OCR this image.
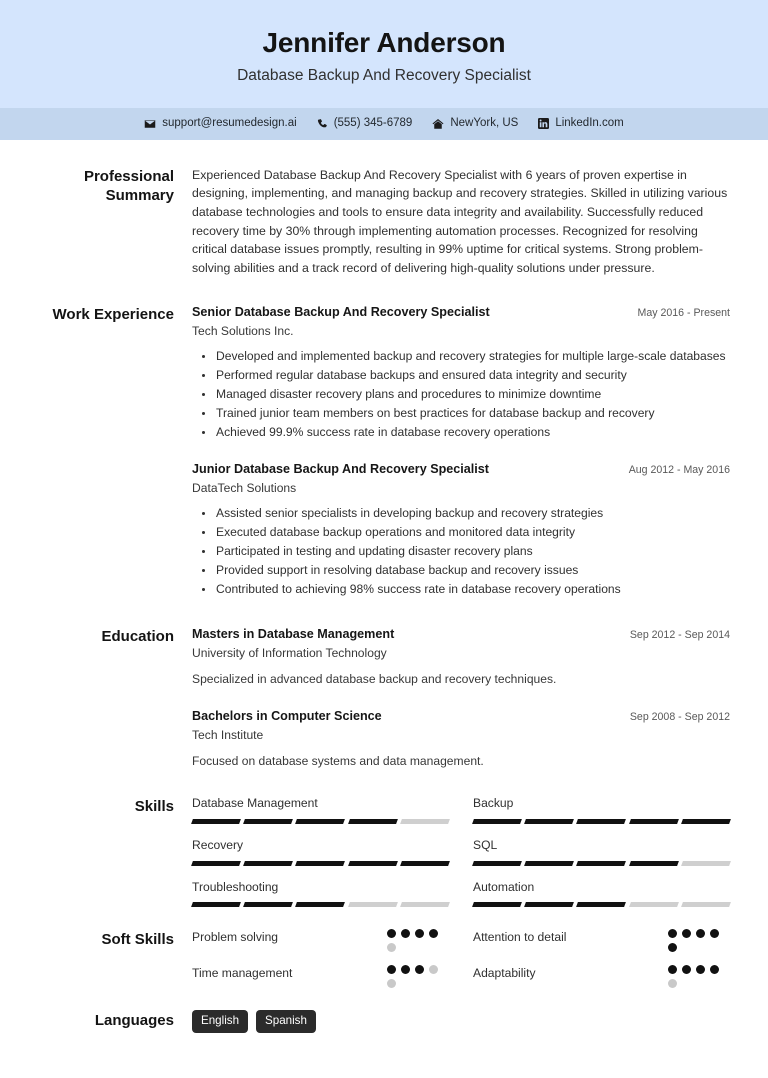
Jennifer Anderson
Database Backup And Recovery Specialist
support@resumedesign.ai	(555) 345-6789	NewYork, US	LinkedIn.com
Professional Summary
Experienced Database Backup And Recovery Specialist with 6 years of proven expertise in designing, implementing, and managing backup and recovery strategies. Skilled in utilizing various database technologies and tools to ensure data integrity and availability. Successfully reduced recovery time by 30% through implementing automation processes. Recognized for resolving critical database issues promptly, resulting in 99% uptime for critical systems. Strong problem-solving abilities and a track record of delivering high-quality solutions under pressure.
Work Experience Senior Database Backup And Recovery Specialist	May 2016 - Present
Tech Solutions Inc.
Developed and implemented backup and recovery strategies for multiple large-scale databases
Performed regular database backups and ensured data integrity and security
Managed disaster recovery plans and procedures to minimize downtime
Trained junior team members on best practices for database backup and recovery
Achieved 99.9% success rate in database recovery operations
Junior Database Backup And Recovery Specialist	Aug 2012 - May 2016
DataTech Solutions
Assisted senior specialists in developing backup and recovery strategies
Executed database backup operations and monitored data integrity
Participated in testing and updating disaster recovery plans
Provided support in resolving database backup and recovery issues
Contributed to achieving 98% success rate in database recovery operations
Education Masters in Database Management	Sep 2012 - Sep 2014
University of Information Technology
Specialized in advanced database backup and recovery techniques.
Bachelors in Computer Science	Sep 2008 - Sep 2012
Tech Institute
Focused on database systems and data management.
Skills Database Management	Backup
Recovery	SQL
Troubleshooting	Automation
Soft Skills Problem solving	Attention to detail
Time management	Adaptability
Languages	English	Spanish
